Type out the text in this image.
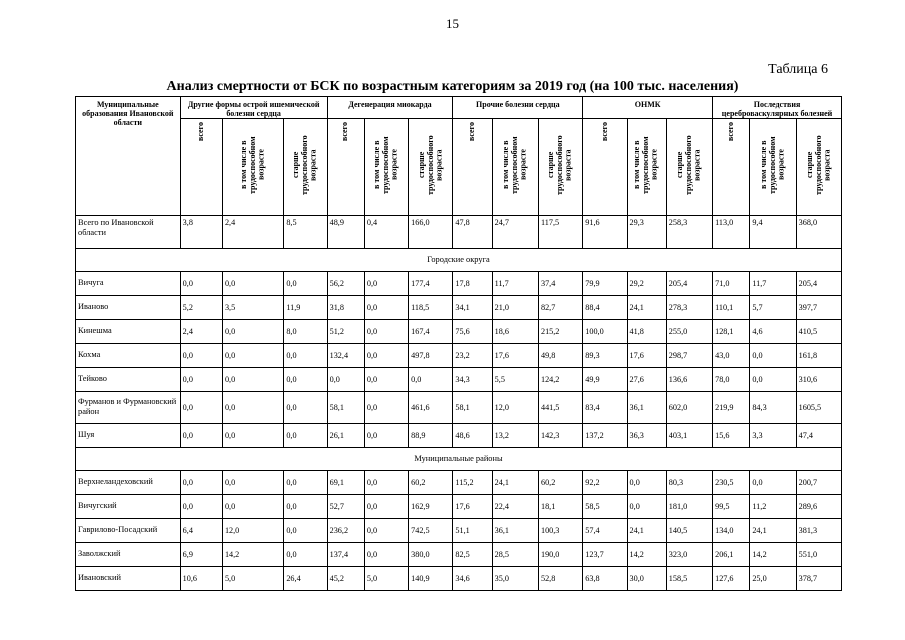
15
Таблица 6
Анализ смертности от БСК по возрастным категориям за 2019 год (на 100 тыс. населения)
Муниципальные образования Ивановской области	Другие формы острой ишемической болезни сердца			Дегенерация миокарда			Прочие болезни сердца			ОНМК			Последствия цереброваскулярных болезней		
	всего	в том числе в трудоспособном возрасте	старше трудоспособного возраста	всего	в том числе в трудоспособном возрасте	старше трудоспособного возраста	всего	в том числе в трудоспособном возрасте	старше трудоспособного возраста	всего	в том числе в трудоспособном возрасте	старше трудоспособного возраста	всего	в том числе в трудоспособном возрасте	старше трудоспособного возраста
Всего по Ивановской области	3,8	2,4	8,5	48,9	0,4	166,0	47,8	24,7	117,5	91,6	29,3	258,3	113,0	9,4	368,0
Городские округа															
Вичуга	0,0	0,0	0,0	56,2	0,0	177,4	17,8	11,7	37,4	79,9	29,2	205,4	71,0	11,7	205,4
Иваново	5,2	3,5	11,9	31,8	0,0	118,5	34,1	21,0	82,7	88,4	24,1	278,3	110,1	5,7	397,7
Кинешма	2,4	0,0	8,0	51,2	0,0	167,4	75,6	18,6	215,2	100,0	41,8	255,0	128,1	4,6	410,5
Кохма	0,0	0,0	0,0	132,4	0,0	497,8	23,2	17,6	49,8	89,3	17,6	298,7	43,0	0,0	161,8
Тейково	0,0	0,0	0,0	0,0	0,0	0,0	34,3	5,5	124,2	49,9	27,6	136,6	78,0	0,0	310,6
Фурманов и Фурмановский район	0,0	0,0	0,0	58,1	0,0	461,6	58,1	12,0	441,5	83,4	36,1	602,0	219,9	84,3	1605,5
Шуя	0,0	0,0	0,0	26,1	0,0	88,9	48,6	13,2	142,3	137,2	36,3	403,1	15,6	3,3	47,4
Муниципальные районы															
Верхнеландеховский	0,0	0,0	0,0	69,1	0,0	60,2	115,2	24,1	60,2	92,2	0,0	80,3	230,5	0,0	200,7
Вичугский	0,0	0,0	0,0	52,7	0,0	162,9	17,6	22,4	18,1	58,5	0,0	181,0	99,5	11,2	289,6
Гаврилово-Посадский	6,4	12,0	0,0	236,2	0,0	742,5	51,1	36,1	100,3	57,4	24,1	140,5	134,0	24,1	381,3
Заволжский	6,9	14,2	0,0	137,4	0,0	380,0	82,5	28,5	190,0	123,7	14,2	323,0	206,1	14,2	551,0
Ивановский	10,6	5,0	26,4	45,2	5,0	140,9	34,6	35,0	52,8	63,8	30,0	158,5	127,6	25,0	378,7
